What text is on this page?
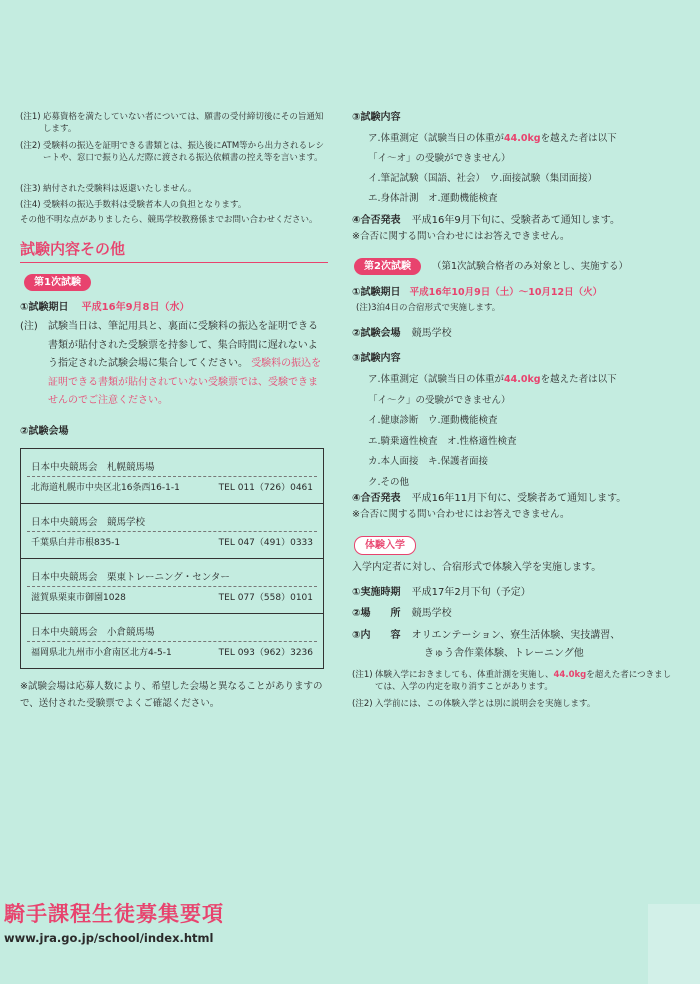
(注1) 応募資格を満たしていない者については、願書の受付締切後にその旨通知します。
(注2) 受験料の振込を証明できる書類とは、振込後にATM等から出力されるレシートや、窓口で振り込んだ際に渡される振込依頼書の控え等を言います。
(注3) 納付された受験料は返還いたしません。
(注4) 受験料の振込手数料は受験者本人の負担となります。
その他不明な点がありましたら、競馬学校教務係までお問い合わせください。
試験内容その他
第1次試験
①試験期日 平成16年9月8日（水）
(注)	試験当日は、筆記用具と、裏面に受験料の振込を証明できる書類が貼付された受験票を持参して、集合時間に遅れないよう指定された試験会場に集合してください。 受験料の振込を証明できる書類が貼付されていない受験票では、受験できませんのでご注意ください。
②試験会場
日本中央競馬会　札幌競馬場
北海道札幌市中央区北16条西16-1-1	TEL 011（726）0461
日本中央競馬会　競馬学校
千葉県白井市根835-1	TEL 047（491）0333
日本中央競馬会　栗東トレーニング・センター
滋賀県栗東市御園1028	TEL 077（558）0101
日本中央競馬会　小倉競馬場
福岡県北九州市小倉南区北方4-5-1	TEL 093（962）3236
※試験会場は応募人数により、希望した会場と異なることがありますので、送付された受験票でよくご確認ください。
③試験内容
ア.体重測定（試験当日の体重が44.0kgを越えた者は以下
「イ～オ」の受験ができません）
イ.筆記試験（国語、社会）　ウ.面接試験（集団面接）
エ.身体計測　オ.運動機能検査
④合否発表 平成16年9月下旬に、受験者あて通知します。
※合否に関する問い合わせにはお答えできません。
第2次試験	（第1次試験合格者のみ対象とし、実施する）
①試験期日 平成16年10月9日（土）～10月12日（火）
(注)3泊4日の合宿形式で実施します。
②試験会場 競馬学校
③試験内容
ア.体重測定（試験当日の体重が44.0kgを越えた者は以下
「イ～ク」の受験ができません）
イ.健康診断　ウ.運動機能検査
エ.騎乗適性検査　オ.性格適性検査
カ.本人面接　キ.保護者面接
ク.その他
④合否発表 平成16年11月下旬に、受験者あて通知します。
※合否に関する問い合わせにはお答えできません。
体験入学
入学内定者に対し、合宿形式で体験入学を実施します。
①実施時期 平成17年2月下旬（予定）
②場　　所 競馬学校
③内　　容 オリエンテーション、寮生活体験、実技講習、
きゅう舎作業体験、トレーニング他
(注1) 体験入学におきましても、体重計測を実施し、44.0kgを超えた者につきましては、入学の内定を取り消すことがあります。
(注2) 入学前には、この体験入学とは別に説明会を実施します。
騎手課程生徒募集要項
www.jra.go.jp/school/index.html
